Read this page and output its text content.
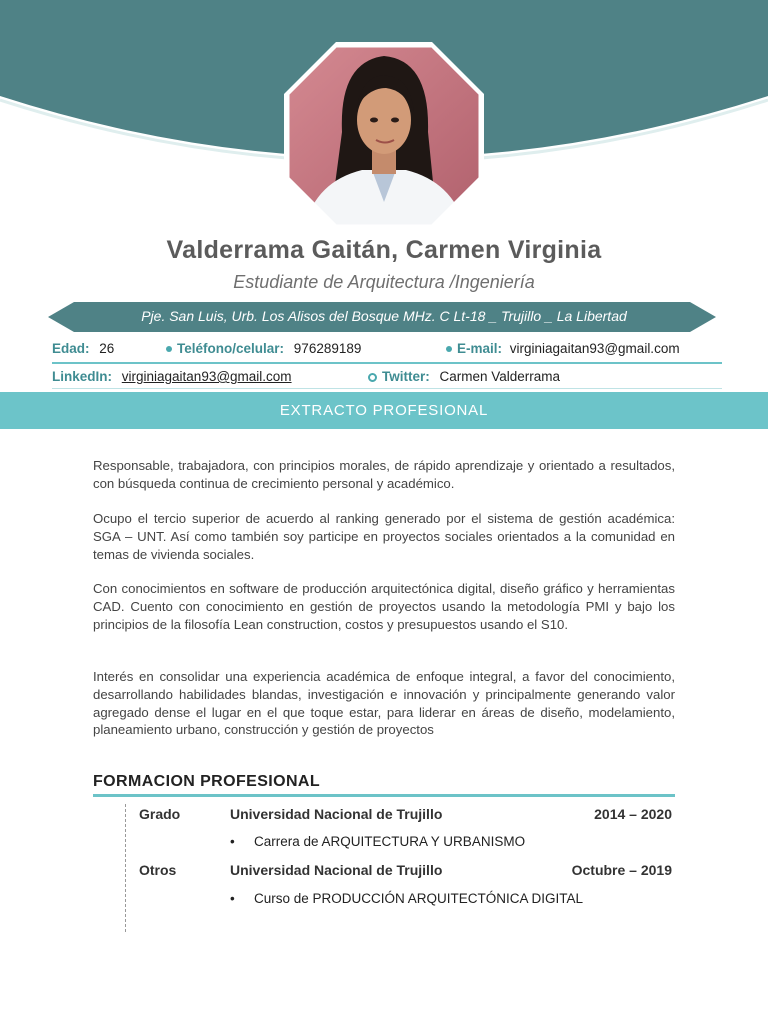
Valderrama Gaitán, Carmen Virginia
Estudiante de Arquitectura /Ingeniería
Pje. San Luis, Urb. Los Alisos del Bosque MHz. C Lt-18 _ Trujillo _ La Libertad
Edad: 26	Teléfono/celular: 976289189	E-mail: virginiagaitan93@gmail.com
LinkedIn: virginiagaitan93@gmail.com	Twitter: Carmen Valderrama
EXTRACTO PROFESIONAL

Responsable, trabajadora, con principios morales, de rápido aprendizaje y orientado a resultados, con búsqueda continua de crecimiento personal y académico.

Ocupo el tercio superior de acuerdo al ranking generado por el sistema de gestión académica: SGA – UNT. Así como también soy participe en proyectos sociales orientados a la comunidad en temas de vivienda sociales.

Con conocimientos en software de producción arquitectónica digital, diseño gráfico y herramientas CAD. Cuento con conocimiento en gestión de proyectos usando la metodología PMI y bajo los principios de la filosofía Lean construction, costos y presupuestos usando el S10.

Interés en consolidar una experiencia académica de enfoque integral, a favor del conocimiento, desarrollando habilidades blandas, investigación e innovación y principalmente generando valor agregado dense el lugar en el que toque estar, para liderar en áreas de diseño, modelamiento, planeamiento urbano, construcción y gestión de proyectos

FORMACION PROFESIONAL
Grado	Universidad Nacional de Trujillo	2014 – 2020
• Carrera de ARQUITECTURA Y URBANISMO
Otros	Universidad Nacional de Trujillo	Octubre – 2019
• Curso de PRODUCCIÓN ARQUITECTÓNICA DIGITAL
